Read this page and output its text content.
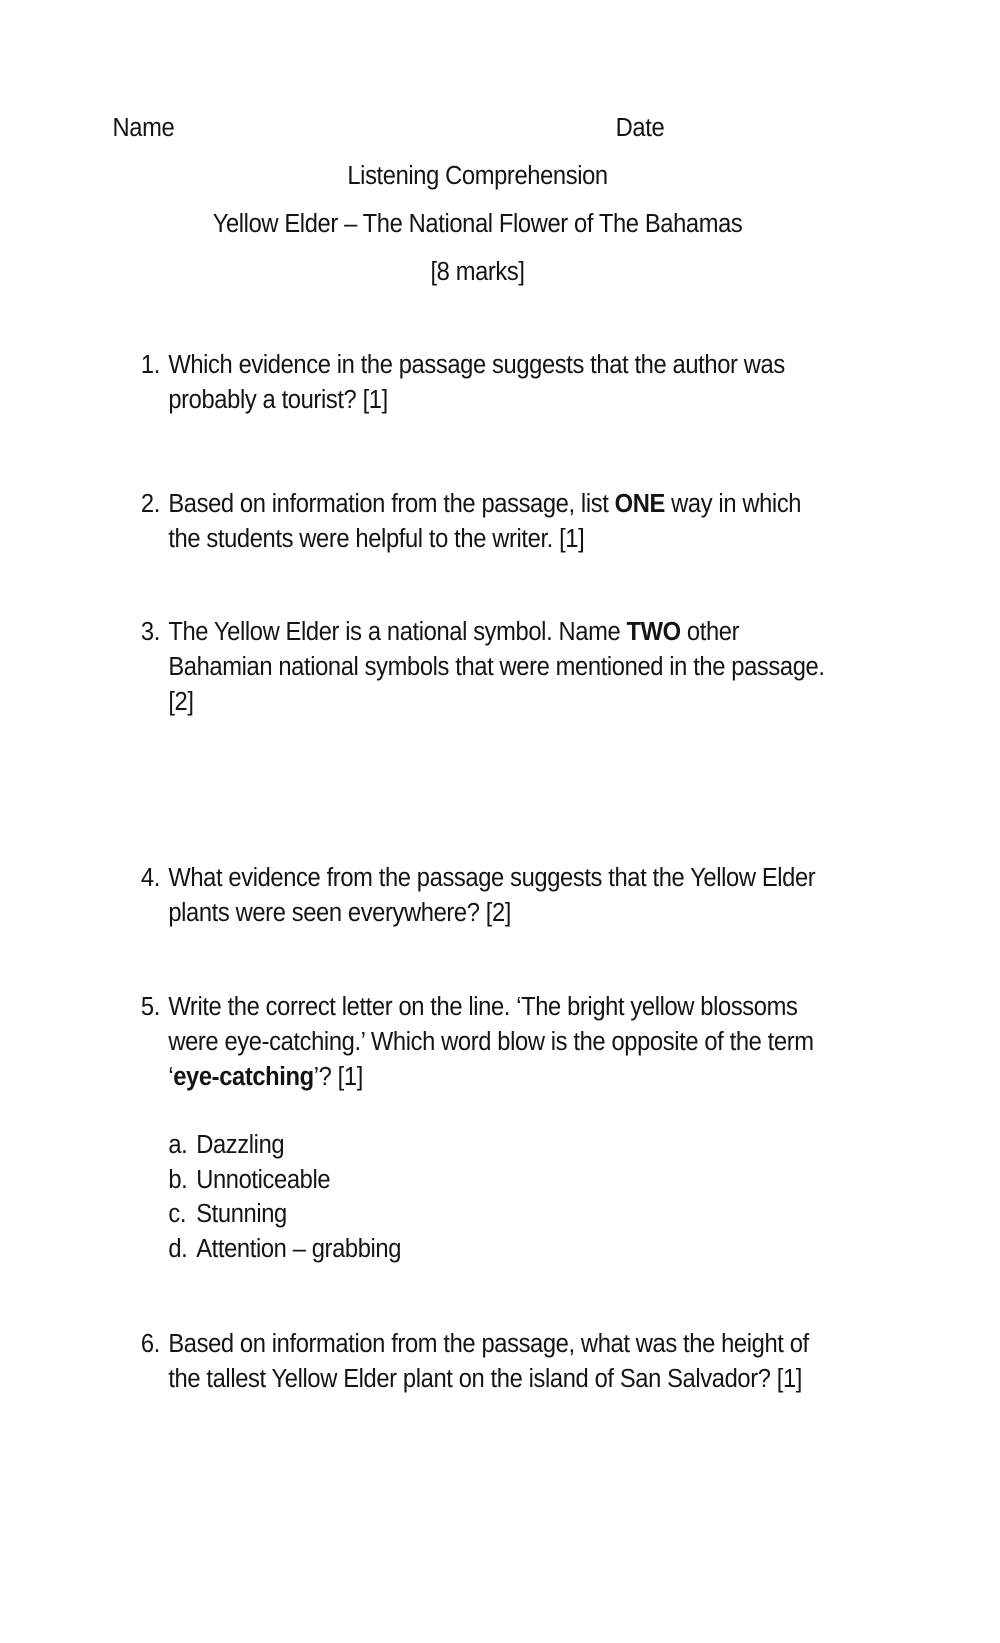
Name	Date
Listening Comprehension
Yellow Elder – The National Flower of The Bahamas
[8 marks]
1. Which evidence in the passage suggests that the author was
probably a tourist? [1]
2. Based on information from the passage, list ONE way in which
the students were helpful to the writer. [1]
3. The Yellow Elder is a national symbol. Name TWO other
Bahamian national symbols that were mentioned in the passage.
[2]
4. What evidence from the passage suggests that the Yellow Elder
plants were seen everywhere? [2]
5. Write the correct letter on the line. ‘The bright yellow blossoms
were eye-catching.’ Which word blow is the opposite of the term
‘eye-catching’? [1]
a. Dazzling
b. Unnoticeable
c. Stunning
d. Attention – grabbing
6. Based on information from the passage, what was the height of
the tallest Yellow Elder plant on the island of San Salvador? [1]
